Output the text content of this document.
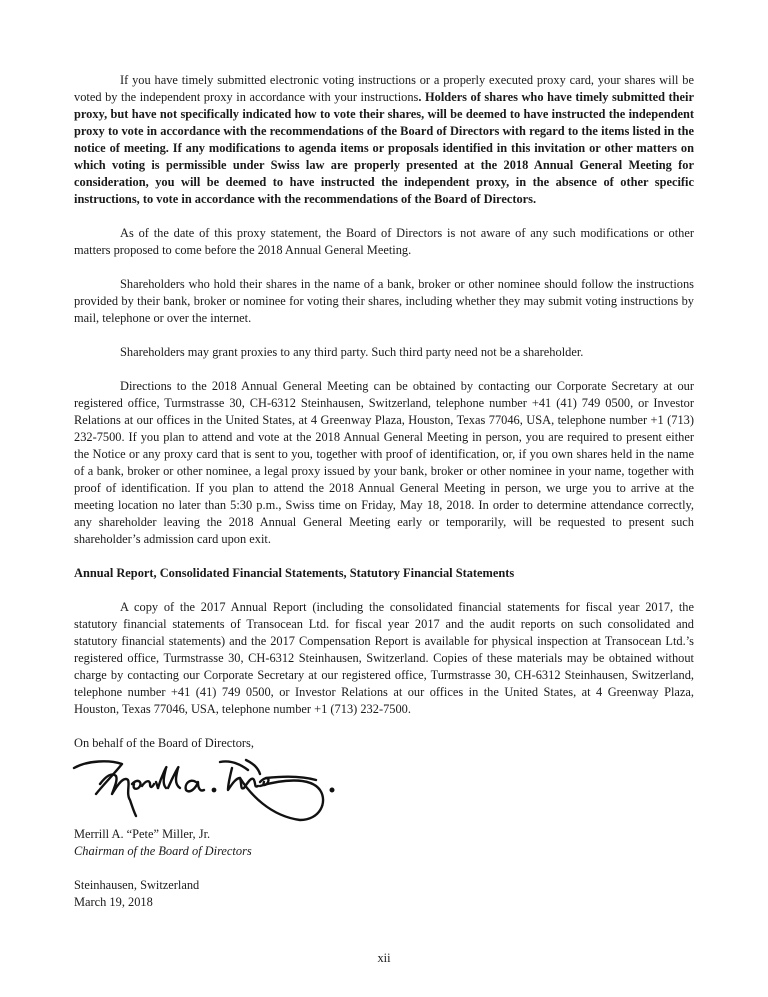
If you have timely submitted electronic voting instructions or a properly executed proxy card, your shares will be voted by the independent proxy in accordance with your instructions. Holders of shares who have timely submitted their proxy, but have not specifically indicated how to vote their shares, will be deemed to have instructed the independent proxy to vote in accordance with the recommendations of the Board of Directors with regard to the items listed in the notice of meeting. If any modifications to agenda items or proposals identified in this invitation or other matters on which voting is permissible under Swiss law are properly presented at the 2018 Annual General Meeting for consideration, you will be deemed to have instructed the independent proxy, in the absence of other specific instructions, to vote in accordance with the recommendations of the Board of Directors.

As of the date of this proxy statement, the Board of Directors is not aware of any such modifications or other matters proposed to come before the 2018 Annual General Meeting.

Shareholders who hold their shares in the name of a bank, broker or other nominee should follow the instructions provided by their bank, broker or nominee for voting their shares, including whether they may submit voting instructions by mail, telephone or over the internet.

Shareholders may grant proxies to any third party. Such third party need not be a shareholder.

Directions to the 2018 Annual General Meeting can be obtained by contacting our Corporate Secretary at our registered office, Turmstrasse 30, CH-6312 Steinhausen, Switzerland, telephone number +41 (41) 749 0500, or Investor Relations at our offices in the United States, at 4 Greenway Plaza, Houston, Texas 77046, USA, telephone number +1 (713) 232-7500. If you plan to attend and vote at the 2018 Annual General Meeting in person, you are required to present either the Notice or any proxy card that is sent to you, together with proof of identification, or, if you own shares held in the name of a bank, broker or other nominee, a legal proxy issued by your bank, broker or other nominee in your name, together with proof of identification. If you plan to attend the 2018 Annual General Meeting in person, we urge you to arrive at the meeting location no later than 5:30 p.m., Swiss time on Friday, May 18, 2018. In order to determine attendance correctly, any shareholder leaving the 2018 Annual General Meeting early or temporarily, will be requested to present such shareholder’s admission card upon exit.

Annual Report, Consolidated Financial Statements, Statutory Financial Statements

A copy of the 2017 Annual Report (including the consolidated financial statements for fiscal year 2017, the statutory financial statements of Transocean Ltd. for fiscal year 2017 and the audit reports on such consolidated and statutory financial statements) and the 2017 Compensation Report is available for physical inspection at Transocean Ltd.’s registered office, Turmstrasse 30, CH-6312 Steinhausen, Switzerland. Copies of these materials may be obtained without charge by contacting our Corporate Secretary at our registered office, Turmstrasse 30, CH-6312 Steinhausen, Switzerland, telephone number +41 (41) 749 0500, or Investor Relations at our offices in the United States, at 4 Greenway Plaza, Houston, Texas 77046, USA, telephone number +1 (713) 232-7500.

On behalf of the Board of Directors,

Merrill A. “Pete” Miller, Jr.

Chairman of the Board of Directors

Steinhausen, Switzerland

March 19, 2018

xii
